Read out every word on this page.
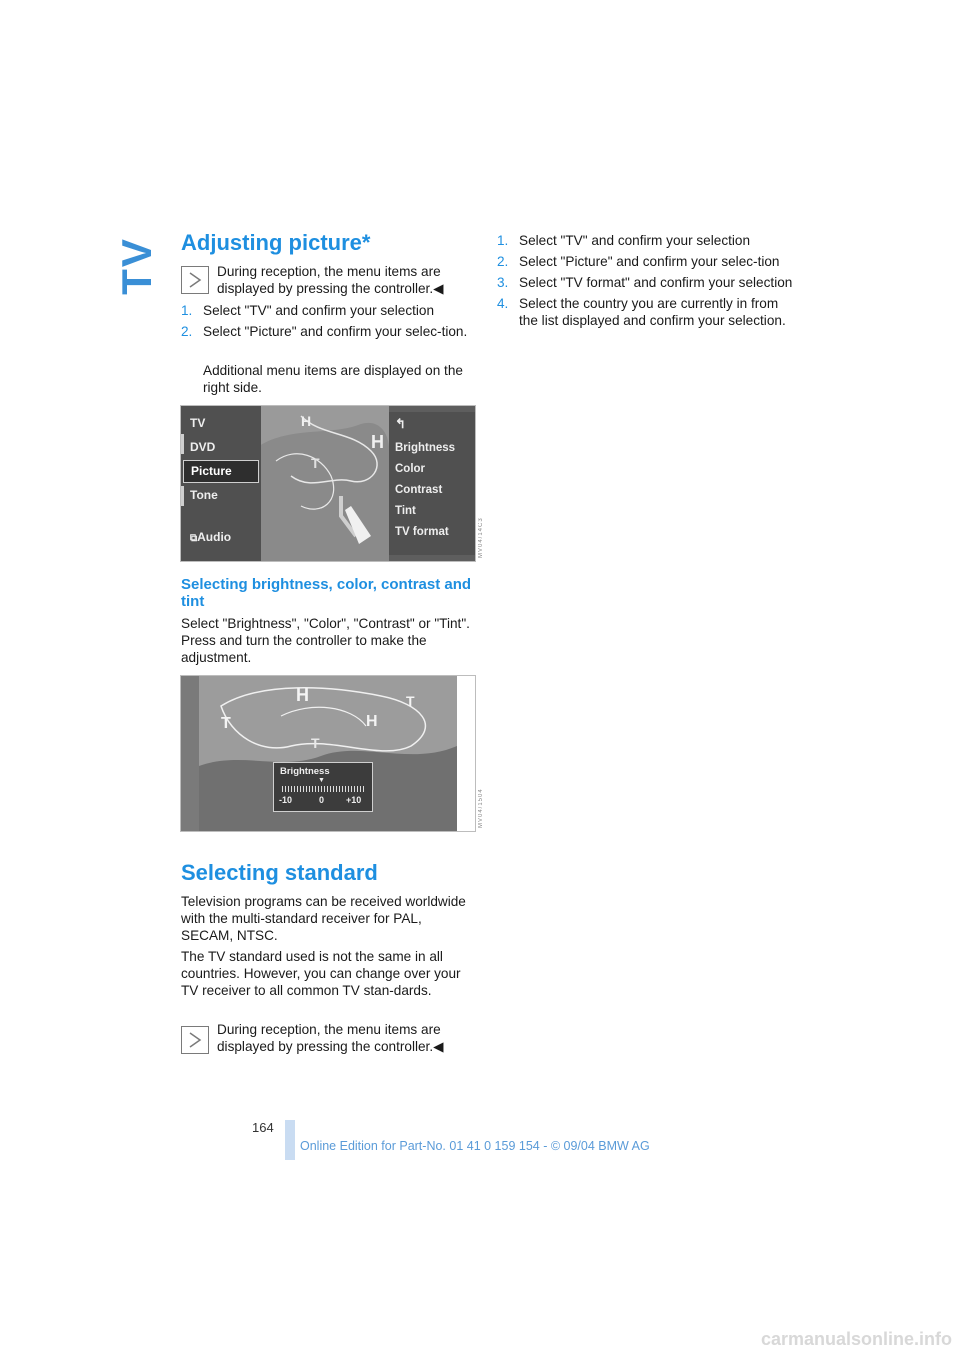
TV Adjusting picture*

During reception, the menu items are displayed by pressing the controller.◀

1. Select "TV" and confirm your selection
2. Select "Picture" and confirm your selec-tion.

Additional menu items are displayed on the right side.

H
H
T
TV
DVD
Picture
Tone
⧉Audio
↰
Brightness
Color
Contrast
Tint
TV format	MV04/14C3
Selecting brightness, color, contrast and tint

Select "Brightness", "Color", "Contrast" or "Tint". Press and turn the controller to make the adjustment.

H
H
T
T
T
Brightness
▼
-10	0 +10	MV04/1504
Selecting standard

Television programs can be received worldwide with the multi-standard receiver for PAL, SECAM, NTSC.

The TV standard used is not the same in all countries. However, you can change over your TV receiver to all common TV stan-dards.

During reception, the menu items are displayed by pressing the controller.◀

1. Select "TV" and confirm your selection
2. Select "Picture" and confirm your selec-tion
3. Select "TV format" and confirm your selection
4. Select the country you are currently in from the list displayed and confirm your selection.
164
Online Edition for Part-No. 01 41 0 159 154 - © 09/04 BMW AG
carmanualsonline.info
